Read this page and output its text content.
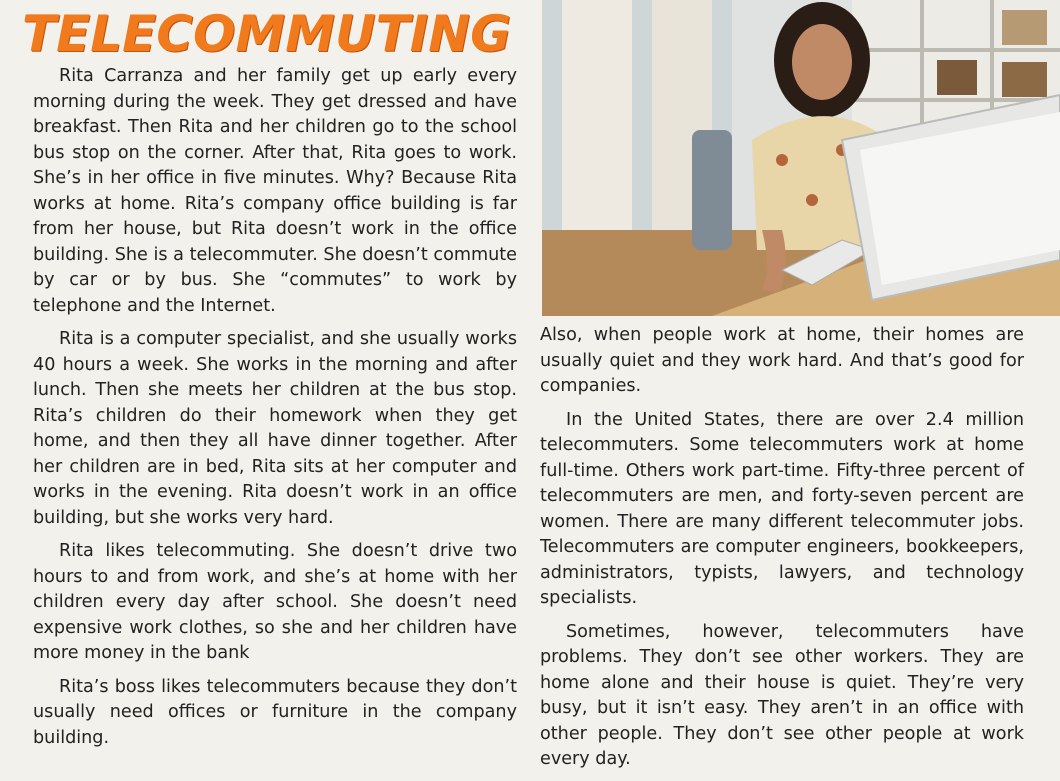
TELECOMMUTING

Rita Carranza and her family get up early every morning during the week. They get dressed and have breakfast. Then Rita and her children go to the school bus stop on the corner. After that, Rita goes to work. She’s in her office in five minutes. Why? Because Rita works at home. Rita’s company office building is far from her house, but Rita doesn’t work in the office building. She is a telecommuter. She doesn’t commute by car or by bus. She “commutes” to work by telephone and the Internet.

Rita is a computer specialist, and she usually works 40 hours a week. She works in the morning and after lunch. Then she meets her children at the bus stop. Rita’s children do their homework when they get home, and then they all have dinner together. After her children are in bed, Rita sits at her computer and works in the evening. Rita doesn’t work in an office building, but she works very hard.

Rita likes telecommuting. She doesn’t drive two hours to and from work, and she’s at home with her children every day after school. She doesn’t need expensive work clothes, so she and her children have more money in the bank

Rita’s boss likes telecommuters because they don’t usually need offices or furniture in the company building.

Also, when people work at home, their homes are usually quiet and they work hard. And that’s good for companies.

In the United States, there are over 2.4 million telecommuters. Some telecommuters work at home full-time. Others work part-time. Fifty-three percent of telecommuters are men, and forty-seven percent are women. There are many different telecommuter jobs. Telecommuters are computer engineers, bookkeepers, administrators, typists, lawyers, and technology specialists.

Sometimes, however, telecommuters have problems. They don’t see other workers. They are home alone and their house is quiet. They’re very busy, but it isn’t easy. They aren’t in an office with other people. They don’t see other people at work every day.
